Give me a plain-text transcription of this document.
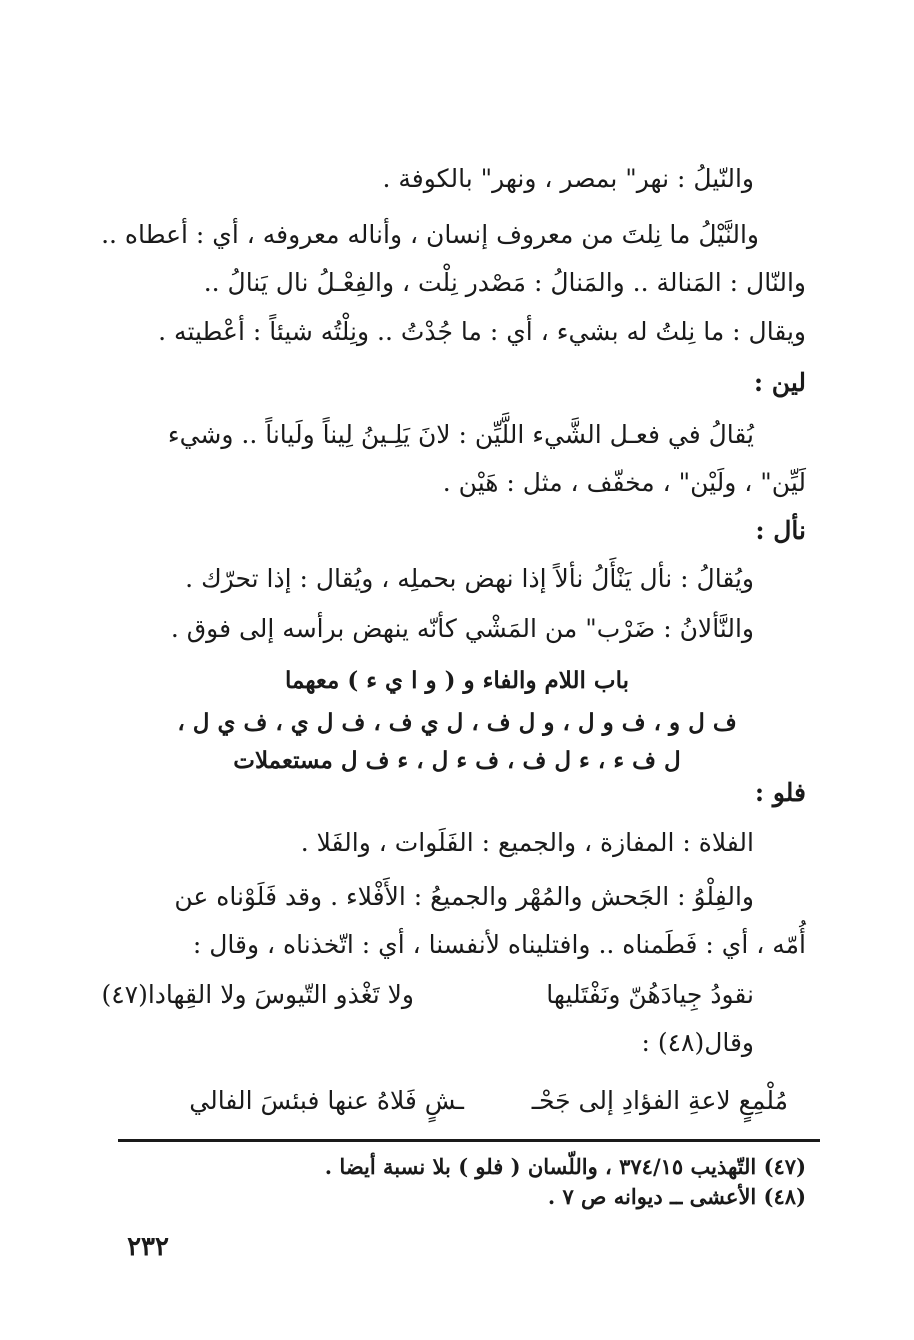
والنّيلُ : نهر" بمصر ، ونهر" بالكوفة .
والنَّيْلُ ما نِلتَ من معروف إنسان ، وأناله معروفه ، أي : أعطاه ..
والنّال : المَنالة .. والمَنالُ : مَصْدر نِلْت ، والفِعْـلُ نال يَنالُ ..
ويقال : ما نِلتُ له بشيء ، أي : ما جُدْتُ .. ونِلْتُه شيئاً : أعْطيته .
لين :
يُقالُ في فعـل الشَّيء اللَّيِّن : لانَ يَلِـينُ لِيناً ولَياناً .. وشيء
لَيِّن" ، ولَيْن" ، مخفّف ، مثل : هَيْن .
نأل :
ويُقالُ : نأل يَنْأَلُ نألاً إذا نهض بحملِه ، ويُقال : إذا تحرّك .
والنَّألانُ : ضَرْب" من المَشْي كأنّه ينهض برأسه إلى فوق .
باب اللام والفاء و ( و ا ي ء ) معهما
ف ل و ، ف و ل ، و ل ف ، ل ي ف ، ف ل ي ، ف ي ل ،
ل ف ء ، ء ل ف ، ف ء ل ، ء ف ل مستعملات
فلو :
الفلاة : المفازة ، والجميع : الفَلَوات ، والفَلا .
والفِلْوُ : الجَحش والمُهْر والجميعُ : الأَفْلاء . وقد فَلَوْناه عن
أُمّه ، أي : فَطَمناه .. وافتليناه لأنفسنا ، أي : اتّخذناه ، وقال :
نقودُ جِيادَهُنّ ونَفْتَليها
ولا تَغْذو التّيوسَ ولا القِهادا(٤٧)
وقال(٤٨) :
مُلْمِعٍ لاعةِ الفؤادِ إلى جَحْـ
ـشٍ فَلاهُ عنها فبئسَ الفالي
(٤٧) التّهذيب ٣٧٤/١٥ ، واللّسان ( فلو ) بلا نسبة أيضا .
(٤٨) الأعشى ــ ديوانه ص ٧ .
٢٣٢
